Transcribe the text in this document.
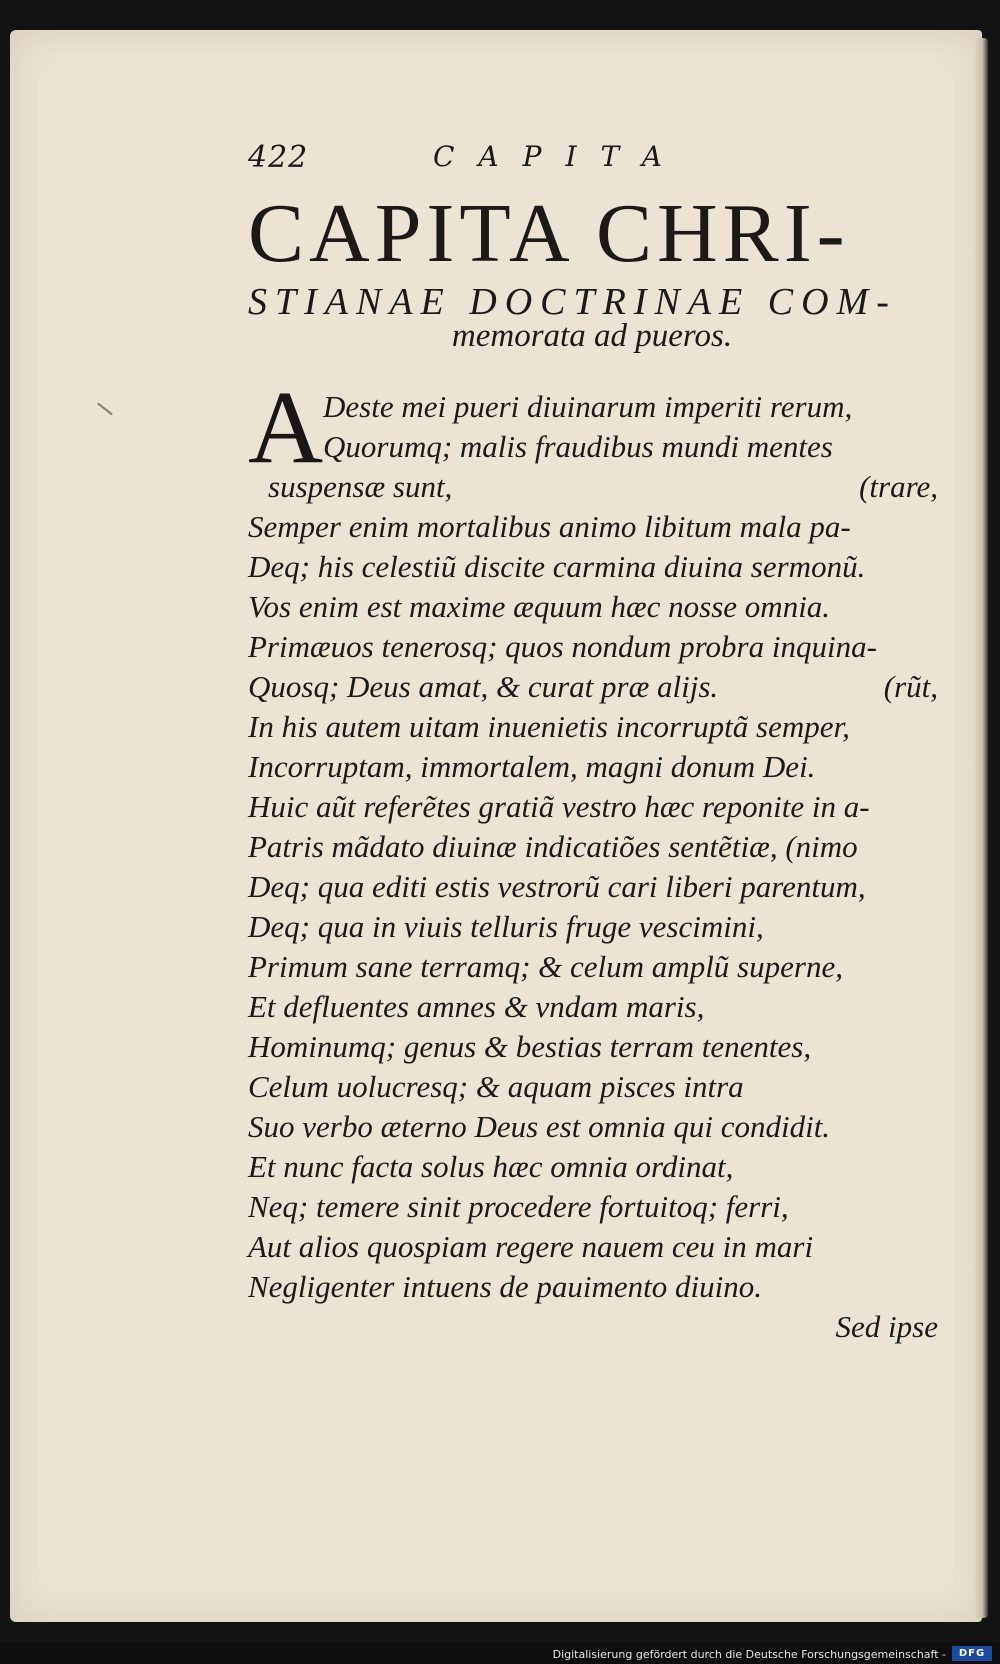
422	CAPITA
CAPITA CHRI-
STIANAE DOCTRINAE COM-
memorata ad pueros.
A Deste mei pueri diuinarum imperiti rerum,
Quorumq; malis fraudibus mundi mentes
suspensæ sunt,	(trare,
Semper enim mortalibus animo libitum mala pa-
Deq; his celestiũ discite carmina diuina sermonũ.
Vos enim est maxime æquum hæc nosse omnia.
Primæuos tenerosq; quos nondum probra inquina-
Quosq; Deus amat, & curat præ alijs.	(rũt,
In his autem uitam inuenietis incorruptã semper,
Incorruptam, immortalem, magni donum Dei.
Huic aũt referẽtes gratiã vestro hæc reponite in a-
Patris mãdato diuinæ indicatiões sentẽtiæ, (nimo
Deq; qua editi estis vestrorũ cari liberi parentum,
Deq; qua in viuis telluris fruge vescimini,
Primum sane terramq; & celum amplũ superne,
Et defluentes amnes & vndam maris,
Hominumq; genus & bestias terram tenentes,
Celum uolucresq; & aquam pisces intra
Suo verbo æterno Deus est omnia qui condidit.
Et nunc facta solus hæc omnia ordinat,
Neq; temere sinit procedere fortuitoq; ferri,
Aut alios quospiam regere nauem ceu in mari
Negligenter intuens de pauimento diuino.
Sed ipse
Digitalisierung gefördert durch die Deutsche Forschungsgemeinschaft -	DFG
